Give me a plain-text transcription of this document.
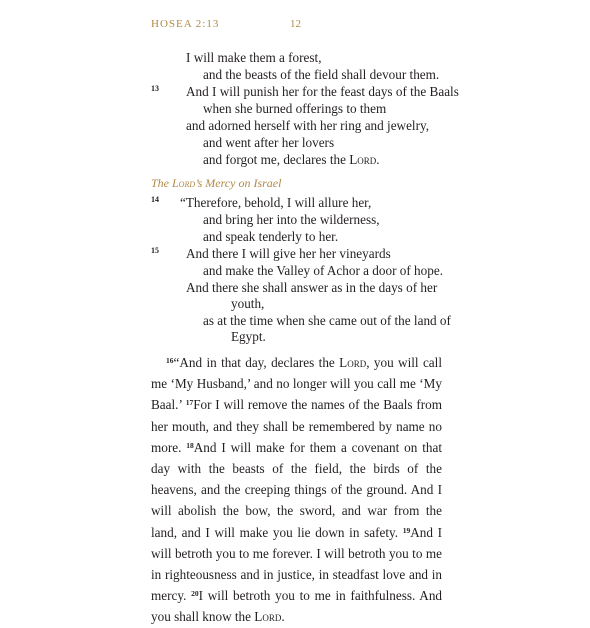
HOSEA 2:13	12
I will make them a forest,
and the beasts of the field shall devour them.
13 And I will punish her for the feast days of the Baals
when she burned offerings to them
and adorned herself with her ring and jewelry,
and went after her lovers
and forgot me, declares the Lord.
The Lord’s Mercy on Israel
14 “Therefore, behold, I will allure her,
and bring her into the wilderness,
and speak tenderly to her.
15 And there I will give her her vineyards
and make the Valley of Achor a door of hope.
And there she shall answer as in the days of her
youth,
as at the time when she came out of the land of
Egypt.
$^{16}$“And in that day, declares the Lord, you will call me ‘My Husband,’ and no longer will you call me ‘My Baal.’ $^{17}$For I will remove the names of the Baals from her mouth, and they shall be remembered by name no more. $^{18}$And I will make for them a covenant on that day with the beasts of the field, the birds of the heavens, and the creeping things of the ground. And I will abolish the bow, the sword, and war from the land, and I will make you lie down in safety. $^{19}$And I will betroth you to me forever. I will betroth you to me in righteousness and in justice, in steadfast love and in mercy. $^{20}$I will betroth you to me in faithfulness. And you shall know the Lord.
